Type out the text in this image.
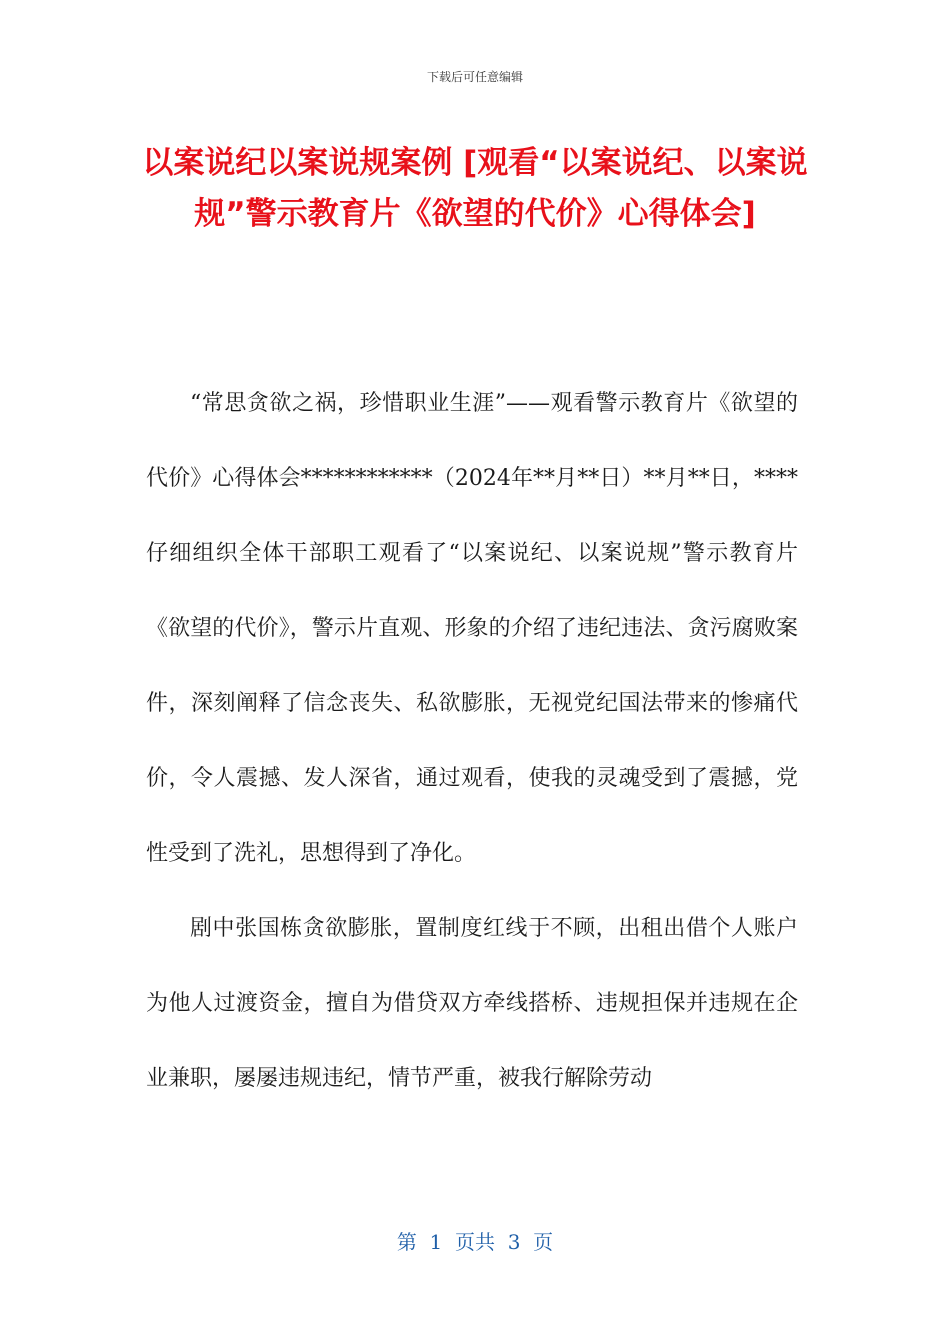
下载后可任意编辑
以案说纪以案说规案例 [观看“以案说纪、以案说规”警示教育片《欲望的代价》心得体会]

“常思贪欲之祸，珍惜职业生涯”——观看警示教育片《欲望的代价》心得体会************（2024年**月**日）**月**日，****仔细组织全体干部职工观看了“以案说纪、以案说规”警示教育片《欲望的代价》，警示片直观、形象的介绍了违纪违法、贪污腐败案件，深刻阐释了信念丧失、私欲膨胀，无视党纪国法带来的惨痛代价，令人震撼、发人深省，通过观看，使我的灵魂受到了震撼，党性受到了洗礼，思想得到了净化。

剧中张国栋贪欲膨胀，置制度红线于不顾，出租出借个人账户为他人过渡资金，擅自为借贷双方牵线搭桥、违规担保并违规在企业兼职，屡屡违规违纪，情节严重，被我行解除劳动

第  1  页共  3  页
